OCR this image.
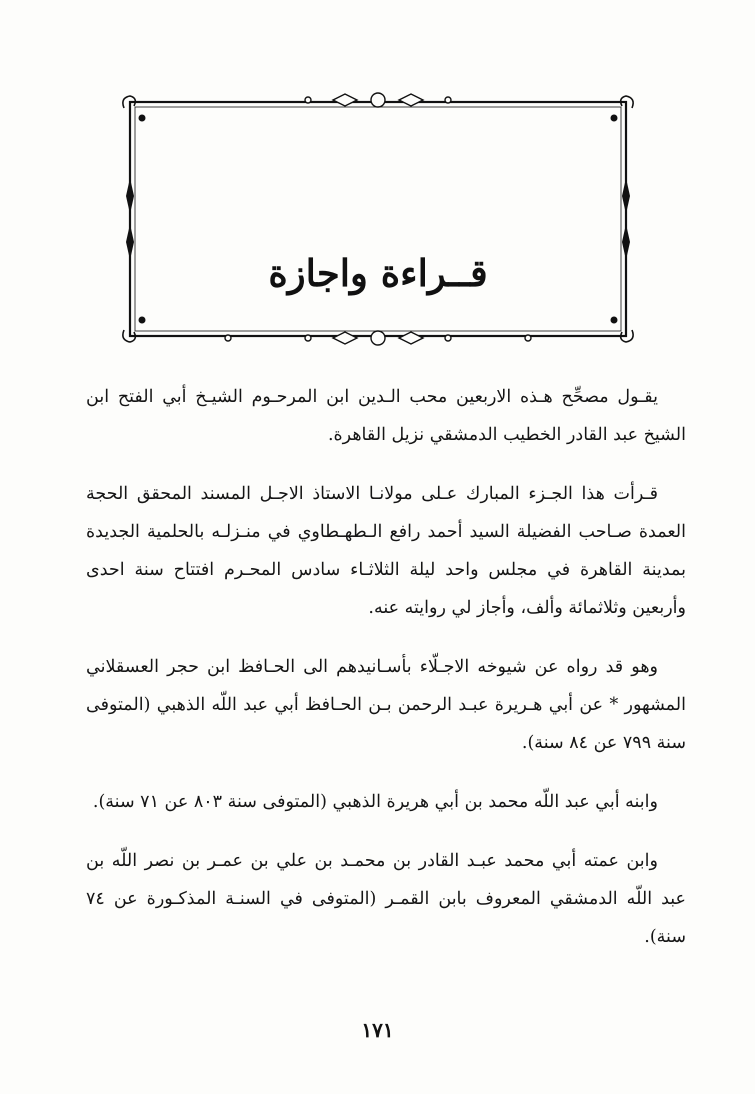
قــراءة واجازة

يقـول مصحِّح هـذه الاربعين محب الـدين ابن المرحـوم الشيـخ أبي الفتح ابن الشيخ عبد القادر الخطيب الدمشقي نزيل القاهرة.

قـرأت هذا الجـزء المبارك عـلى مولانـا الاستاذ الاجـل المسند المحقق الحجة العمدة صـاحب الفضيلة السيد أحمد رافع الـطهـطاوي في منـزلـه بالحلمية الجديدة بمدينة القاهرة في مجلس واحد ليلة الثلاثـاء سادس المحـرم افتتاح سنة احدى وأربعين وثلاثمائة وألف، وأجاز لي روايته عنه.

وهو قد رواه عن شيوخه الاجـلّاء بأسـانيدهم الى الحـافظ ابن حجر العسقلاني المشهور * عن أبي هـريرة عبـد الرحمن بـن الحـافظ أبي عبد اللّه الذهبي (المتوفى سنة ٧٩٩ عن ٨٤ سنة).

وابنه أبي عبد اللّه محمد بن أبي هريرة الذهبي (المتوفى سنة ٨٠٣ عن ٧١ سنة).

وابن عمته أبي محمد عبـد القادر بن محمـد بن علي بن عمـر بن نصر اللّه بن عبد اللّه الدمشقي المعروف بابن القمـر (المتوفى في السنـة المذكـورة عن ٧٤ سنة).

١٧١
